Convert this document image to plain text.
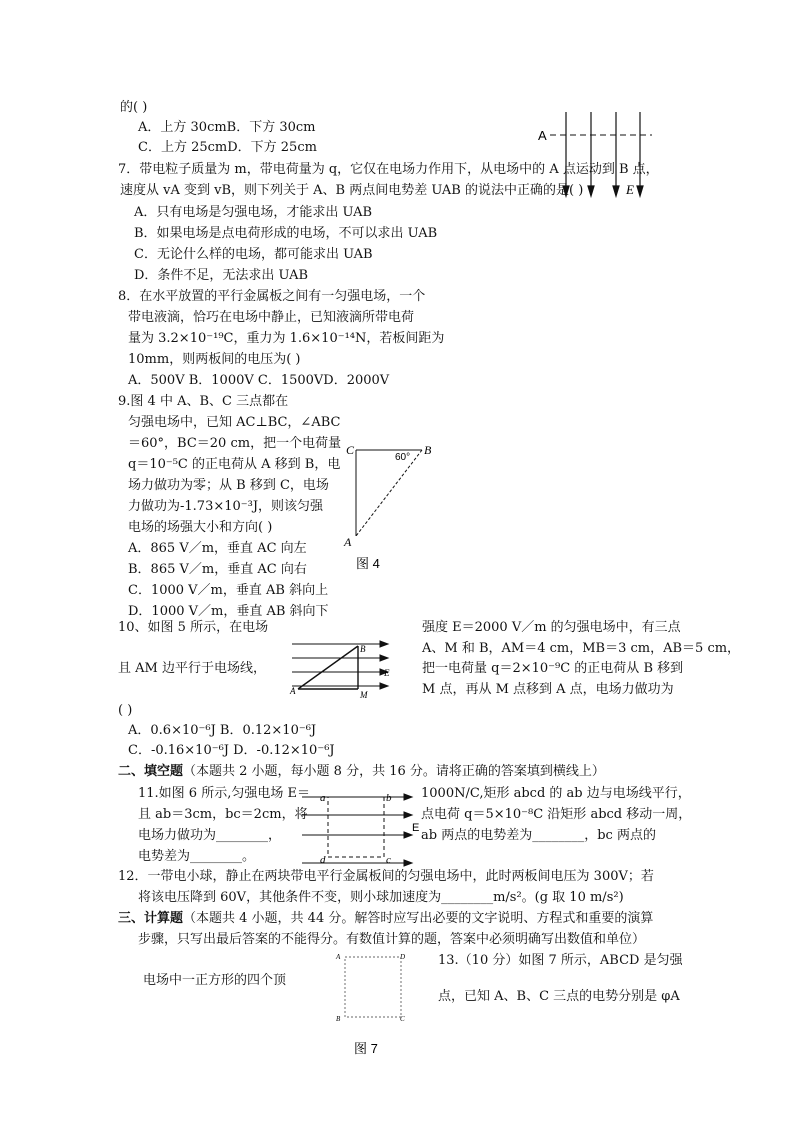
的( )
A．上方 30cmB．下方 30cm
C．上方 25cmD．下方 25cm
A
E
7．带电粒子质量为 m，带电荷量为 q，它仅在电场力作用下，从电场中的 A 点运动到 B 点，
速度从 vA 变到 vB，则下列关于 A、B 两点间电势差 UAB 的说法中正确的是( )
A．只有电场是匀强电场，才能求出 UAB
B．如果电场是点电荷形成的电场，不可以求出 UAB
C．无论什么样的电场，都可能求出 UAB
D．条件不足，无法求出 UAB
8．在水平放置的平行金属板之间有一匀强电场，一个
带电液滴，恰巧在电场中静止，已知液滴所带电荷
量为 3.2×10⁻¹⁹C，重力为 1.6×10⁻¹⁴N，若板间距为
10mm，则两板间的电压为( )
A．500V B．1000V C．1500VD．2000V
9.图 4 中 A、B、C 三点都在
匀强电场中，已知 AC⊥BC，∠ABC
＝60°，BC＝20 cm，把一个电荷量
q＝10⁻⁵C 的正电荷从 A 移到 B，电
场力做功为零；从 B 移到 C，电场
力做功为-1.73×10⁻³J，则该匀强
电场的场强大小和方向( )
A．865 V／m，垂直 AC 向左
B．865 V／m，垂直 AC 向右
C．1000 V／m，垂直 AB 斜向上
D．1000 V／m，垂直 AB 斜向下
C	B
60°
A
图 4
10、如图 5 所示，在电场	强度 E＝2000 V／m 的匀强电场中，有三点
A、M 和 B，AM＝4 cm，MB＝3 cm，AB＝5 cm，
且 AM 边平行于电场线，	把一电荷量 q＝2×10⁻⁹C 的正电荷从 B 移到
M 点，再从 M 点移到 A 点，电场力做功为
( )
A．0.6×10⁻⁶J B．0.12×10⁻⁶J
C．-0.16×10⁻⁶J D．-0.12×10⁻⁶J
B
E
A	M
二、填空题（本题共 2 小题，每小题 8 分，共 16 分。请将正确的答案填到横线上）
11.如图 6 所示,匀强电场 E＝	1000N/C,矩形 abcd 的 ab 边与电场线平行，
且 ab＝3cm，bc＝2cm，将	点电荷 q＝5×10⁻⁸C 沿矩形 abcd 移动一周，
电场力做功为________，	ab 两点的电势差为________，bc 两点的
电势差为________。
a	b
E
d	c
12．一带电小球，静止在两块带电平行金属板间的匀强电场中，此时两板间电压为 300V；若
将该电压降到 60V，其他条件不变，则小球加速度为________m/s²。(g 取 10 m/s²)
三、计算题（本题共 4 小题，共 44 分。解答时应写出必要的文字说明、方程式和重要的演算
步骤，只写出最后答案的不能得分。有数值计算的题，答案中必须明确写出数值和单位）
13.（10 分）如图 7 所示，ABCD 是匀强
电场中一正方形的四个顶
点，已知 A、B、C 三点的电势分别是 φA
A	D
B	C
图 7
